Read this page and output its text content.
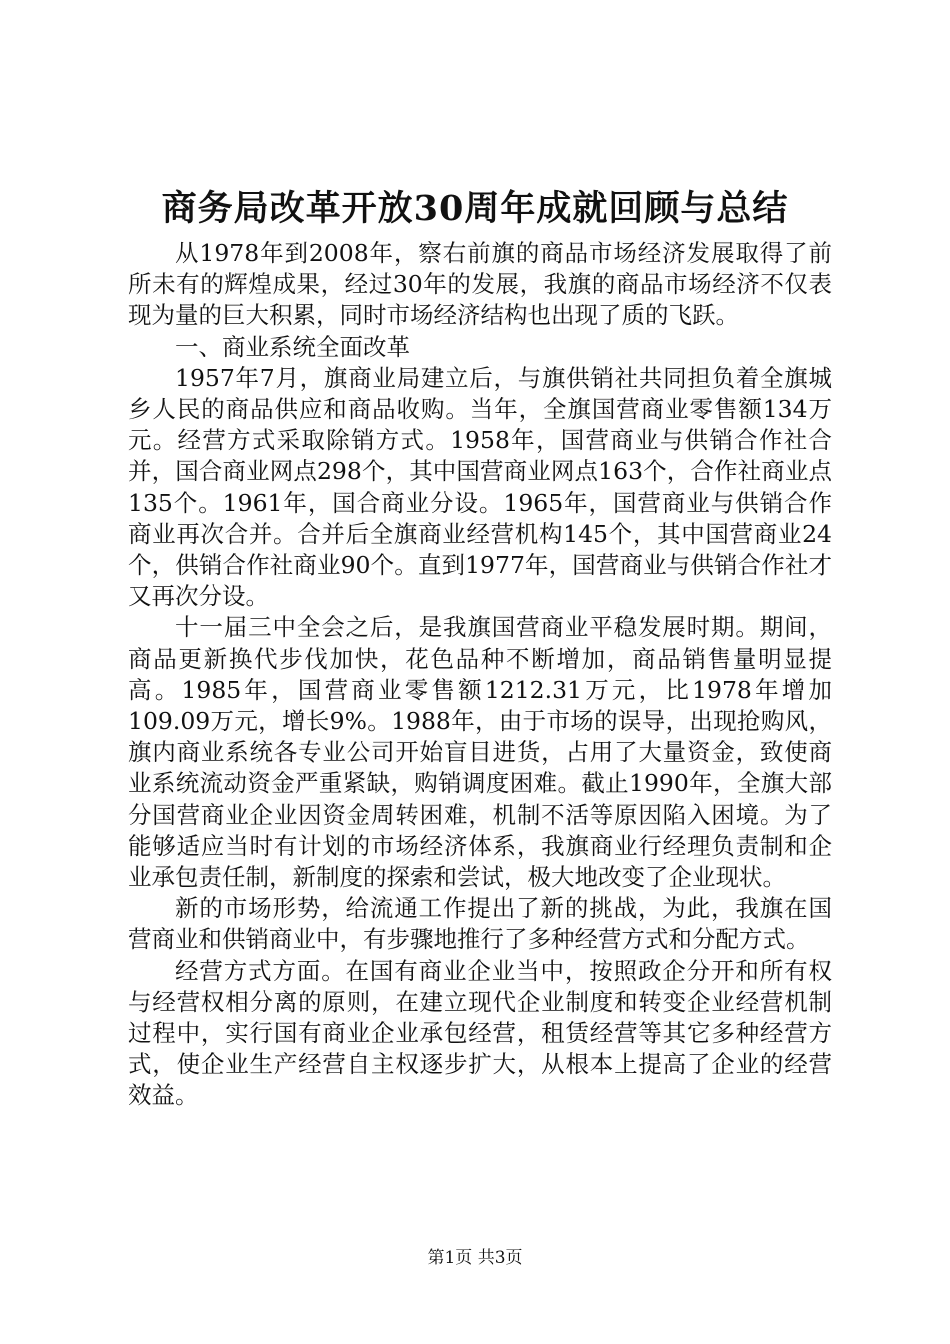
商务局改革开放30周年成就回顾与总结

从1978年到2008年，察右前旗的商品市场经济发展取得了前所未有的辉煌成果，经过30年的发展，我旗的商品市场经济不仅表现为量的巨大积累，同时市场经济结构也出现了质的飞跃。

一、商业系统全面改革

1957年7月，旗商业局建立后，与旗供销社共同担负着全旗城乡人民的商品供应和商品收购。当年，全旗国营商业零售额134万元。经营方式采取除销方式。1958年，国营商业与供销合作社合并，国合商业网点298个，其中国营商业网点163个，合作社商业点135个。1961年，国合商业分设。1965年，国营商业与供销合作商业再次合并。合并后全旗商业经营机构145个，其中国营商业24个，供销合作社商业90个。直到1977年，国营商业与供销合作社才又再次分设。

十一届三中全会之后，是我旗国营商业平稳发展时期。期间，商品更新换代步伐加快，花色品种不断增加，商品销售量明显提高。1985年，国营商业零售额1212.31万元，比1978年增加109.09万元，增长9%。1988年，由于市场的误导，出现抢购风，旗内商业系统各专业公司开始盲目进货，占用了大量资金，致使商业系统流动资金严重紧缺，购销调度困难。截止1990年，全旗大部分国营商业企业因资金周转困难，机制不活等原因陷入困境。为了能够适应当时有计划的市场经济体系，我旗商业行经理负责制和企业承包责任制，新制度的探索和尝试，极大地改变了企业现状。

新的市场形势，给流通工作提出了新的挑战，为此，我旗在国营商业和供销商业中，有步骤地推行了多种经营方式和分配方式。

经营方式方面。在国有商业企业当中，按照政企分开和所有权与经营权相分离的原则，在建立现代企业制度和转变企业经营机制过程中，实行国有商业企业承包经营，租赁经营等其它多种经营方式，使企业生产经营自主权逐步扩大，从根本上提高了企业的经营效益。

第1页 共3页
